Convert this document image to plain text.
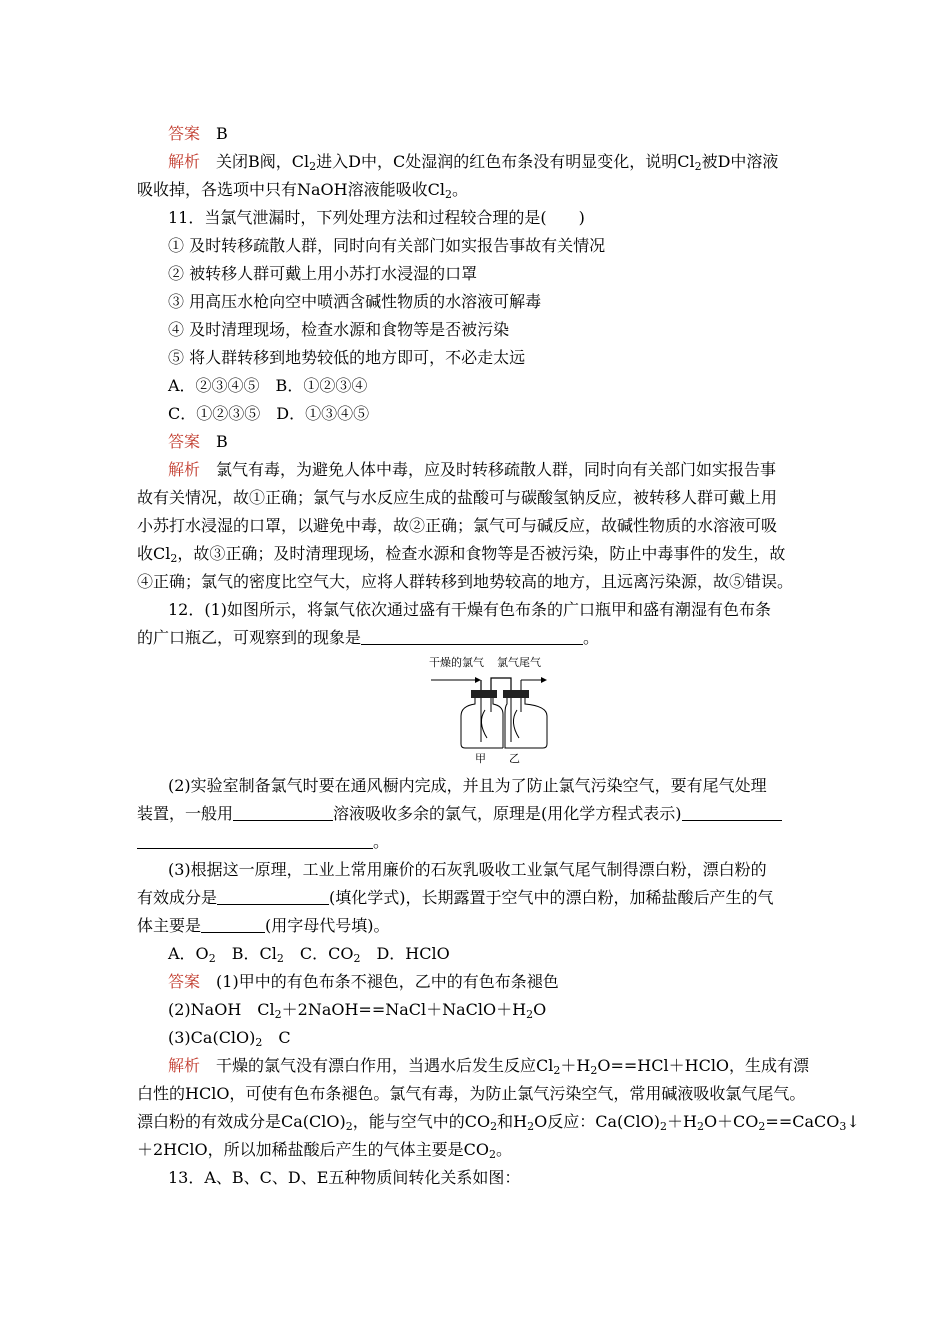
答案　 B
解析　 关闭B阀，$Cl_2$进入D中，C处湿润的红色布条没有明显变化，说明$Cl_2$被D中溶液
吸收掉，各选项中只有NaOH溶液能吸收$Cl_2$。
11．当氯气泄漏时，下列处理方法和过程较合理的是(　　)
① 及时转移疏散人群，同时向有关部门如实报告事故有关情况
② 被转移人群可戴上用小苏打水浸湿的口罩
③ 用高压水枪向空中喷洒含碱性物质的水溶液可解毒
④ 及时清理现场，检查水源和食物等是否被污染
⑤ 将人群转移到地势较低的地方即可，不必走太远
A．②③④⑤　B．①②③④
C．①②③⑤　D．①③④⑤
答案　 B
解析　 氯气有毒，为避免人体中毒，应及时转移疏散人群，同时向有关部门如实报告事
故有关情况，故①正确；氯气与水反应生成的盐酸可与碳酸氢钠反应，被转移人群可戴上用
小苏打水浸湿的口罩，以避免中毒，故②正确；氯气可与碱反应，故碱性物质的水溶液可吸
收$Cl_2$，故③正确；及时清理现场，检查水源和食物等是否被污染，防止中毒事件的发生，故
④正确；氯气的密度比空气大，应将人群转移到地势较高的地方，且远离污染源，故⑤错误。
12．(1)如图所示，将氯气依次通过盛有干燥有色布条的广口瓶甲和盛有潮湿有色布条
的广口瓶乙，可观察到的现象是	。
干燥的氯气 氯气尾气
甲 乙
(2)实验室制备氯气时要在通风橱内完成，并且为了防止氯气污染空气，要有尾气处理
装置，一般用	溶液吸收多余的氯气，原理是(用化学方程式表示)
。
(3)根据这一原理，工业上常用廉价的石灰乳吸收工业氯气尾气制得漂白粉，漂白粉的
有效成分是	(填化学式)，长期露置于空气中的漂白粉，加稀盐酸后产生的气
体主要是	(用字母代号填)。
A．$O_2$　 B．$Cl_2$　 C．$CO_2$　 D．HClO
答案　 (1)甲中的有色布条不褪色，乙中的有色布条褪色
(2)NaOH　$Cl_2+2NaOH==NaCl+NaClO+H_2O$
$(3)Ca(ClO)_2$　C
解析　 干燥的氯气没有漂白作用，当遇水后发生反应$Cl_2+H_2O==HCl+HClO$，生成有漂
白性的HClO，可使有色布条褪色。氯气有毒，为防止氯气污染空气，常用碱液吸收氯气尾气。
漂白粉的有效成分是$Ca(ClO)_2$，能与空气中的$CO_2$和$H_2O$反应：$Ca(ClO)_2+H_2O+CO_2==CaCO_3↓$
＋2HClO，所以加稀盐酸后产生的气体主要是$CO_2$。
13．A、B、C、D、E五种物质间转化关系如图：
